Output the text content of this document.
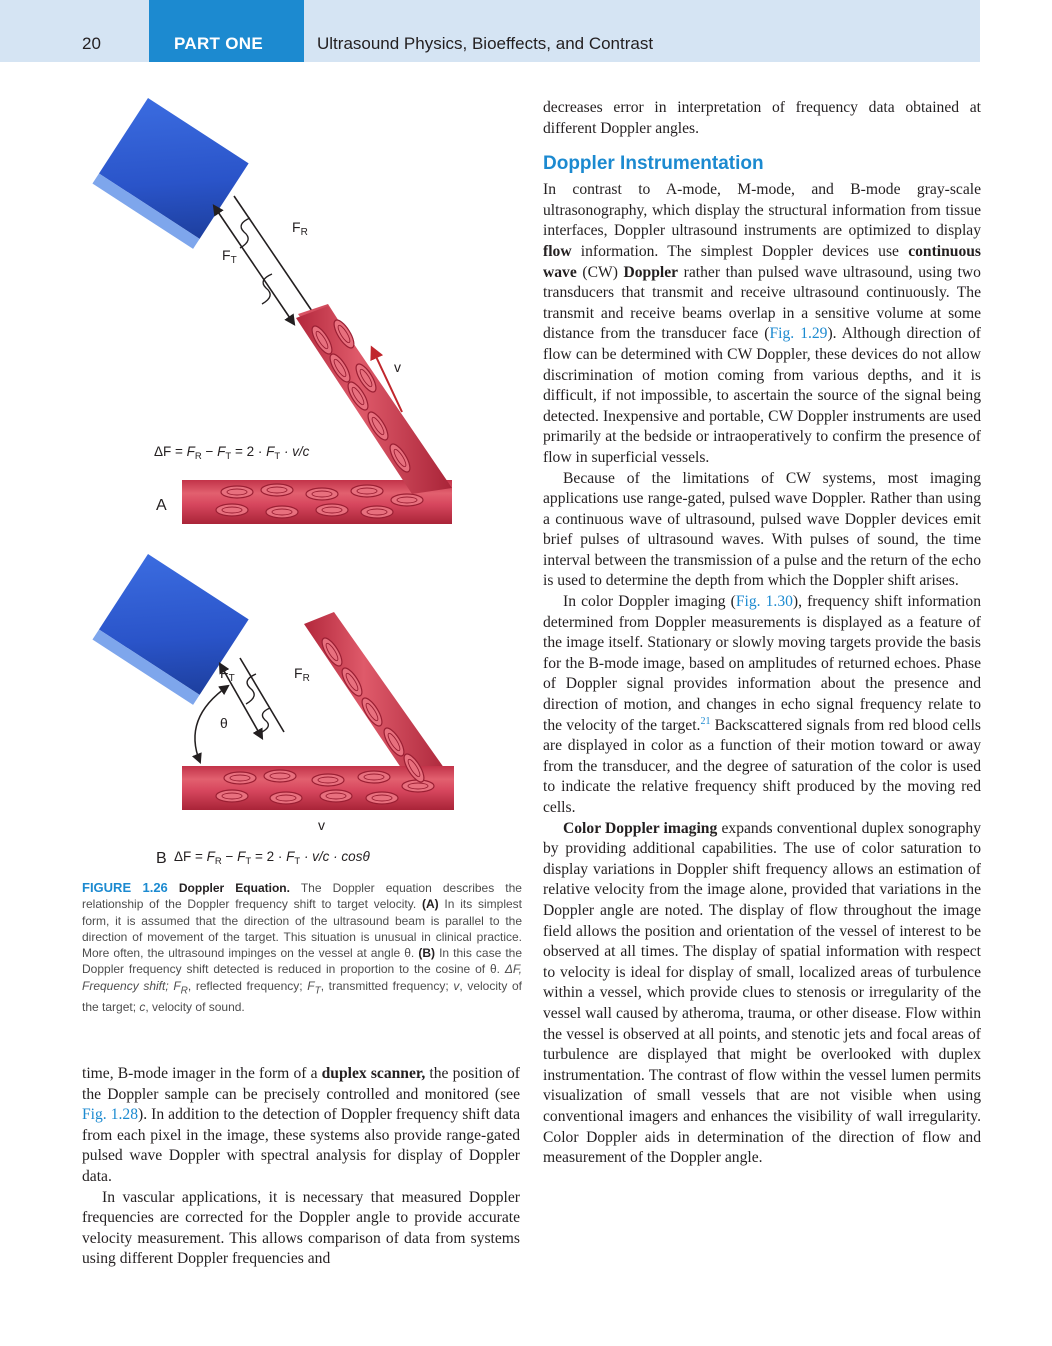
20	PART ONE	Ultrasound Physics, Bioeffects, and Contrast
$F_T$
$F_R$
v
$\Delta F = F_R - F_T = 2 \cdot F_T \cdot v/c$
A
$F_T$	$F_R$
θ
v
B $\Delta F = F_R - F_T = 2 \cdot F_T \cdot v/c \cdot \cos\theta$
FIGURE 1.26 Doppler Equation. The Doppler equation describes the relationship of the Doppler frequency shift to target velocity. (A) In its simplest form, it is assumed that the direction of the ultrasound beam is parallel to the direction of movement of the target. This situation is unusual in clinical practice. More often, the ultrasound impinges on the vessel at angle θ. (B) In this case the Doppler frequency shift detected is reduced in proportion to the cosine of θ. ΔF, Frequency shift; $F_R$, reflected frequency; $F_T$, transmitted frequency; v, velocity of the target; c, velocity of sound.

time, B-mode imager in the form of a duplex scanner, the position of the Doppler sample can be precisely controlled and monitored (see Fig. 1.28). In addition to the detection of Doppler frequency shift data from each pixel in the image, these systems also provide range-gated pulsed wave Doppler with spectral analysis for display of Doppler data.

In vascular applications, it is necessary that measured Doppler frequencies are corrected for the Doppler angle to provide accurate velocity measurement. This allows comparison of data from systems using different Doppler frequencies and

decreases error in interpretation of frequency data obtained at different Doppler angles.

Doppler Instrumentation

In contrast to A-mode, M-mode, and B-mode gray-scale ultrasonography, which display the structural information from tissue interfaces, Doppler ultrasound instruments are optimized to display flow information. The simplest Doppler devices use continuous wave (CW) Doppler rather than pulsed wave ultrasound, using two transducers that transmit and receive ultrasound continuously. The transmit and receive beams overlap in a sensitive volume at some distance from the transducer face (Fig. 1.29). Although direction of flow can be determined with CW Doppler, these devices do not allow discrimination of motion coming from various depths, and it is difficult, if not impossible, to ascertain the source of the signal being detected. Inexpensive and portable, CW Doppler instruments are used primarily at the bedside or intraoperatively to confirm the presence of flow in superficial vessels.

Because of the limitations of CW systems, most imaging applications use range-gated, pulsed wave Doppler. Rather than using a continuous wave of ultrasound, pulsed wave Doppler devices emit brief pulses of ultrasound waves. With pulses of sound, the time interval between the transmission of a pulse and the return of the echo is used to determine the depth from which the Doppler shift arises.

In color Doppler imaging (Fig. 1.30), frequency shift information determined from Doppler measurements is displayed as a feature of the image itself. Stationary or slowly moving targets provide the basis for the B-mode image, based on amplitudes of returned echoes. Phase of Doppler signal provides information about the presence and direction of motion, and changes in echo signal frequency relate to the velocity of the target.$^{21}$ Backscattered signals from red blood cells are displayed in color as a function of their motion toward or away from the transducer, and the degree of saturation of the color is used to indicate the relative frequency shift produced by the moving red cells.

Color Doppler imaging expands conventional duplex sonography by providing additional capabilities. The use of color saturation to display variations in Doppler shift frequency allows an estimation of relative velocity from the image alone, provided that variations in the Doppler angle are noted. The display of flow throughout the image field allows the position and orientation of the vessel of interest to be observed at all times. The display of spatial information with respect to velocity is ideal for display of small, localized areas of turbulence within a vessel, which provide clues to stenosis or irregularity of the vessel wall caused by atheroma, trauma, or other disease. Flow within the vessel is observed at all points, and stenotic jets and focal areas of turbulence are displayed that might be overlooked with duplex instrumentation. The contrast of flow within the vessel lumen permits visualization of small vessels that are not visible when using conventional imagers and enhances the visibility of wall irregularity. Color Doppler aids in determination of the direction of flow and measurement of the Doppler angle.
